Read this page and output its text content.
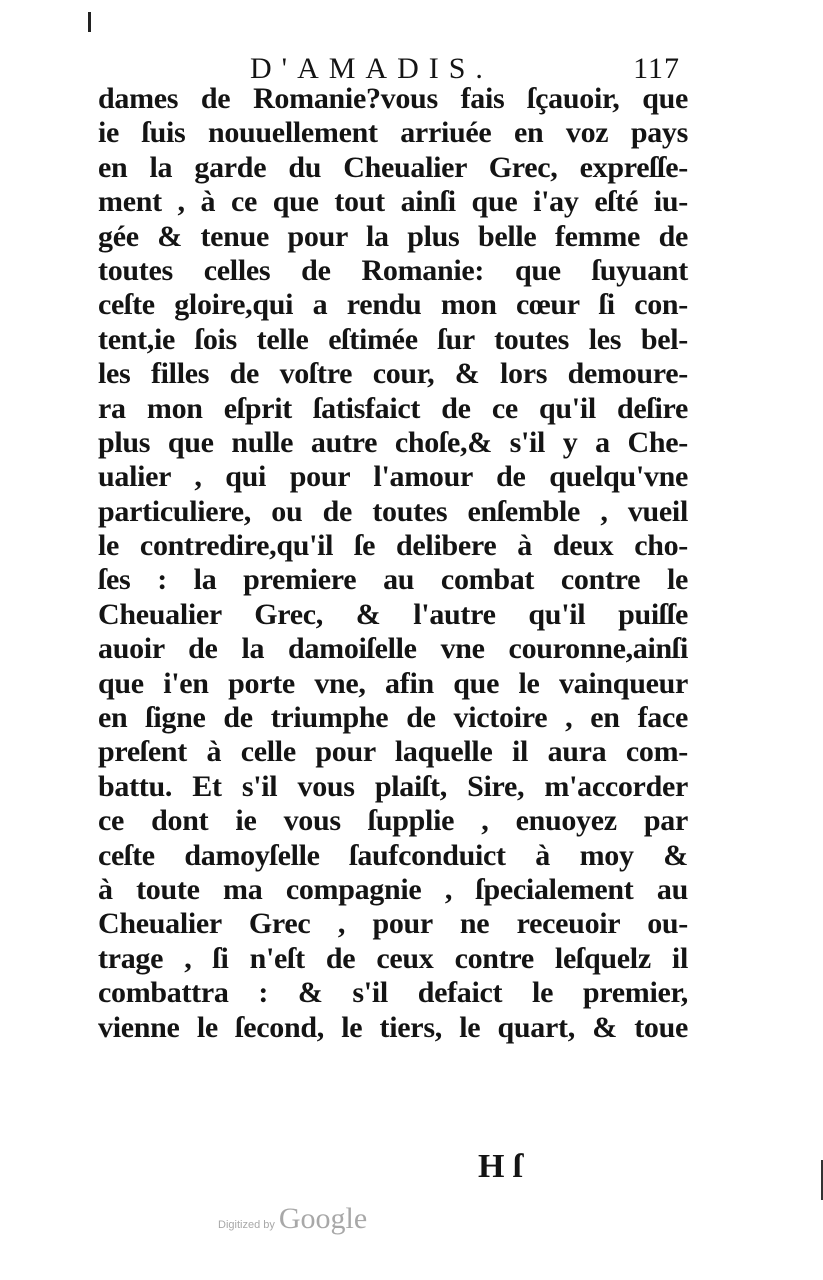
D'AMADIS.	117
dames de Romanie?vous fais ſçauoir, que
ie ſuis nouuellement arriuée en voz pays
en la garde du Cheualier Grec, expreſſe-
ment , à ce que tout ainſi que i'ay eſté iu-
gée & tenue pour la plus belle femme de
toutes celles de Romanie: que ſuyuant
ceſte gloire,qui a rendu mon cœur ſi con-
tent,ie ſois telle eſtimée ſur toutes les bel-
les filles de voſtre cour, & lors demoure-
ra mon eſprit ſatisfaict de ce qu'il deſire
plus que nulle autre choſe,& s'il y a Che-
ualier , qui pour l'amour de quelqu'vne
particuliere, ou de toutes enſemble , vueil
le contredire,qu'il ſe delibere à deux cho-
ſes : la premiere au combat contre le
Cheualier Grec, & l'autre qu'il puiſſe
auoir de la damoiſelle vne couronne,ainſi
que i'en porte vne, afin que le vainqueur
en ſigne de triumphe de victoire , en face
preſent à celle pour laquelle il aura com-
battu. Et s'il vous plaiſt, Sire, m'accorder
ce dont ie vous ſupplie , enuoyez par
ceſte damoyſelle ſaufconduict à moy &
à toute ma compagnie , ſpecialement au
Cheualier Grec , pour ne receuoir ou-
trage , ſi n'eſt de ceux contre leſquelz il
combattra : & s'il defaict le premier,
vienne le ſecond, le tiers, le quart, & toue
H ſ
Digitized by Google
